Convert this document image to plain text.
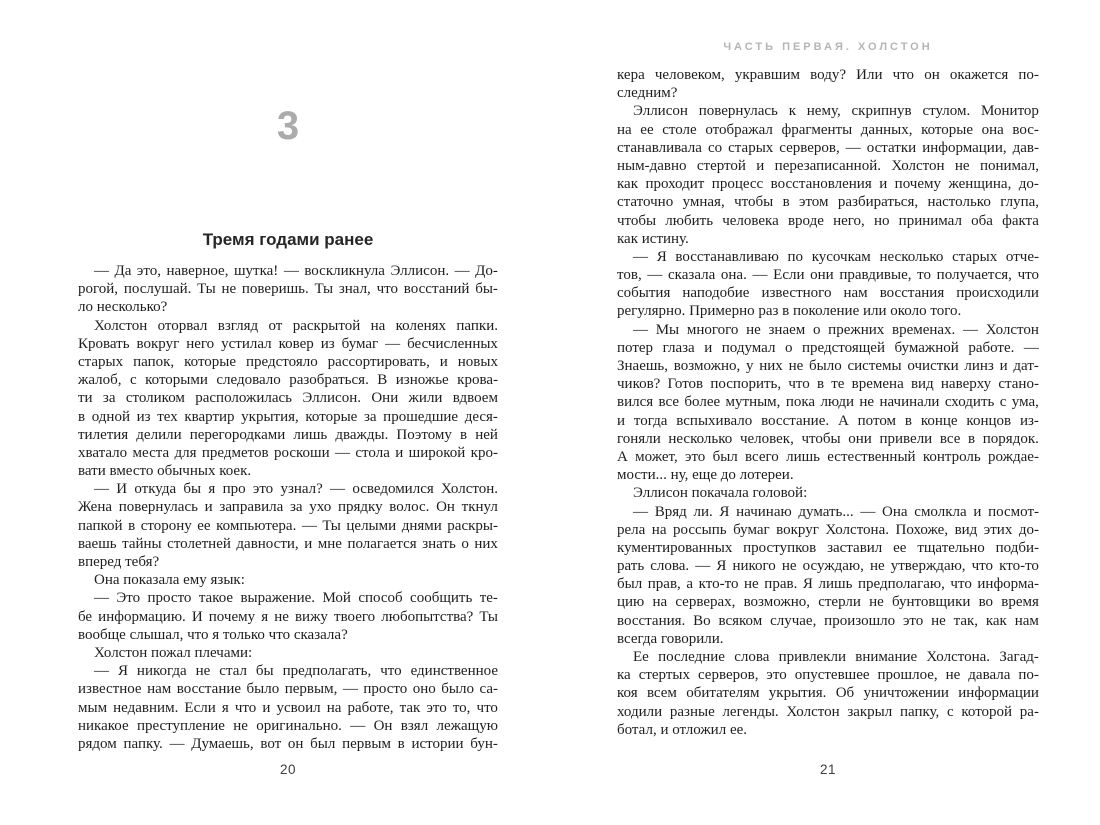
3
Тремя годами ранее
— Да это, наверное, шутка! — воскликнула Эллисон. — До-
рогой, послушай. Ты не поверишь. Ты знал, что восстаний бы-
ло несколько?
Холстон оторвал взгляд от раскрытой на коленях папки.
Кровать вокруг него устилал ковер из бумаг — бесчисленных
старых папок, которые предстояло рассортировать, и новых
жалоб, с которыми следовало разобраться. В изножье крова-
ти за столиком расположилась Эллисон. Они жили вдвоем
в одной из тех квартир укрытия, которые за прошедшие деся-
тилетия делили перегородками лишь дважды. Поэтому в ней
хватало места для предметов роскоши — стола и широкой кро-
вати вместо обычных коек.
— И откуда бы я про это узнал? — осведомился Холстон.
Жена повернулась и заправила за ухо прядку волос. Он ткнул
папкой в сторону ее компьютера. — Ты целыми днями раскры-
ваешь тайны столетней давности, и мне полагается знать о них
вперед тебя?
Она показала ему язык:
— Это просто такое выражение. Мой способ сообщить те-
бе информацию. И почему я не вижу твоего любопытства? Ты
вообще слышал, что я только что сказала?
Холстон пожал плечами:
— Я никогда не стал бы предполагать, что единственное
известное нам восстание было первым, — просто оно было са-
мым недавним. Если я что и усвоил на работе, так это то, что
никакое преступление не оригинально. — Он взял лежащую
рядом папку. — Думаешь, вот он был первым в истории бун-
20
ЧАСТЬ ПЕРВАЯ. ХОЛСТОН
кера человеком, укравшим воду? Или что он окажется по-
следним?
Эллисон повернулась к нему, скрипнув стулом. Монитор
на ее столе отображал фрагменты данных, которые она вос-
станавливала со старых серверов, — остатки информации, дав-
ным-давно стертой и перезаписанной. Холстон не понимал,
как проходит процесс восстановления и почему женщина, до-
статочно умная, чтобы в этом разбираться, настолько глупа,
чтобы любить человека вроде него, но принимал оба факта
как истину.
— Я восстанавливаю по кусочкам несколько старых отче-
тов, — сказала она. — Если они правдивые, то получается, что
события наподобие известного нам восстания происходили
регулярно. Примерно раз в поколение или около того.
— Мы многого не знаем о прежних временах. — Холстон
потер глаза и подумал о предстоящей бумажной работе. —
Знаешь, возможно, у них не было системы очистки линз и дат-
чиков? Готов поспорить, что в те времена вид наверху стано-
вился все более мутным, пока люди не начинали сходить с ума,
и тогда вспыхивало восстание. А потом в конце концов из-
гоняли несколько человек, чтобы они привели все в порядок.
А может, это был всего лишь естественный контроль рождае-
мости... ну, еще до лотереи.
Эллисон покачала головой:
— Вряд ли. Я начинаю думать... — Она смолкла и посмот-
рела на россыпь бумаг вокруг Холстона. Похоже, вид этих до-
кументированных проступков заставил ее тщательно подби-
рать слова. — Я никого не осуждаю, не утверждаю, что кто-то
был прав, а кто-то не прав. Я лишь предполагаю, что информа-
цию на серверах, возможно, стерли не бунтовщики во время
восстания. Во всяком случае, произошло это не так, как нам
всегда говорили.
Ее последние слова привлекли внимание Холстона. Загад-
ка стертых серверов, это опустевшее прошлое, не давала по-
коя всем обитателям укрытия. Об уничтожении информации
ходили разные легенды. Холстон закрыл папку, с которой ра-
ботал, и отложил ее.
21
